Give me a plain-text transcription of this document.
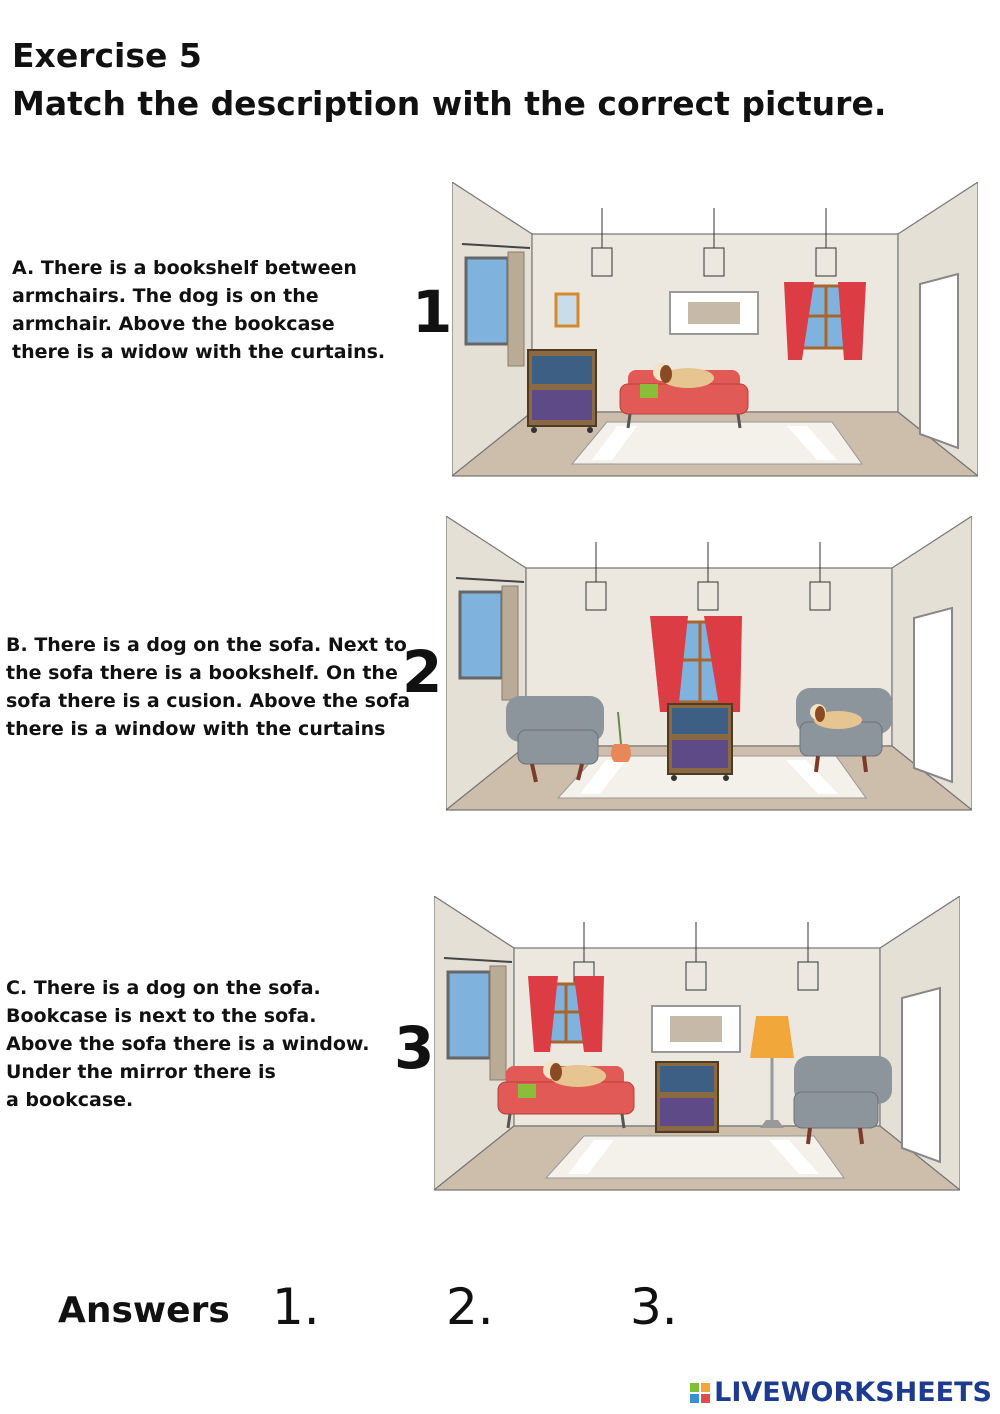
Exercise 5
Match the description with the correct picture.
A. There is a bookshelf between
armchairs. The dog is on the
armchair. Above the bookcase
there is a widow with the curtains.
B. There is a dog on the sofa. Next to
the sofa there is a bookshelf. On the
sofa there is a cusion. Above the sofa
there is a window with the curtains
C. There is a dog on the sofa.
Bookcase is next to the sofa.
Above the sofa there is a window.
Under the mirror there is
a bookcase.
1
2
3
Answers 1.	2.	3.
LIVEWORKSHEETS
